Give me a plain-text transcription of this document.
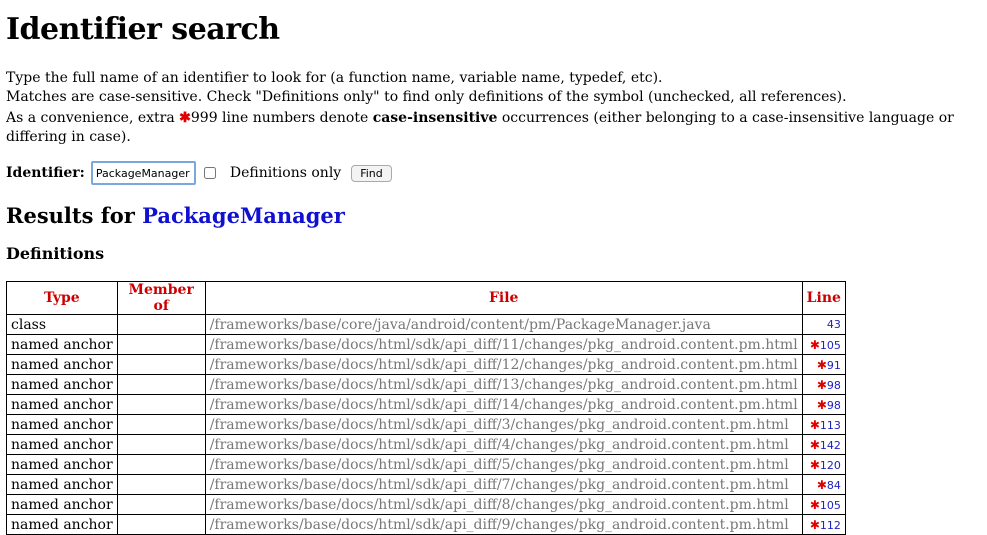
Identifier search

Type the full name of an identifier to look for (a function name, variable name, typedef, etc).

Matches are case-sensitive. Check "Definitions only" to find only definitions of the symbol (unchecked, all references).

As a convenience, extra ✱999 line numbers denote case-insensitive occurrences (either belonging to a case-insensitive language or differing in case).

Identifier:
PackageManager	Definitions only	Find
Results for PackageManager
Definitions
Type	Member of	File	Line
class		/frameworks/base/core/java/android/content/pm/PackageManager.java	43
named anchor		/frameworks/base/docs/html/sdk/api_diff/11/changes/pkg_android.content.pm.html	✱105
named anchor		/frameworks/base/docs/html/sdk/api_diff/12/changes/pkg_android.content.pm.html	✱91
named anchor		/frameworks/base/docs/html/sdk/api_diff/13/changes/pkg_android.content.pm.html	✱98
named anchor		/frameworks/base/docs/html/sdk/api_diff/14/changes/pkg_android.content.pm.html	✱98
named anchor		/frameworks/base/docs/html/sdk/api_diff/3/changes/pkg_android.content.pm.html	✱113
named anchor		/frameworks/base/docs/html/sdk/api_diff/4/changes/pkg_android.content.pm.html	✱142
named anchor		/frameworks/base/docs/html/sdk/api_diff/5/changes/pkg_android.content.pm.html	✱120
named anchor		/frameworks/base/docs/html/sdk/api_diff/7/changes/pkg_android.content.pm.html	✱84
named anchor		/frameworks/base/docs/html/sdk/api_diff/8/changes/pkg_android.content.pm.html	✱105
named anchor		/frameworks/base/docs/html/sdk/api_diff/9/changes/pkg_android.content.pm.html	✱112
